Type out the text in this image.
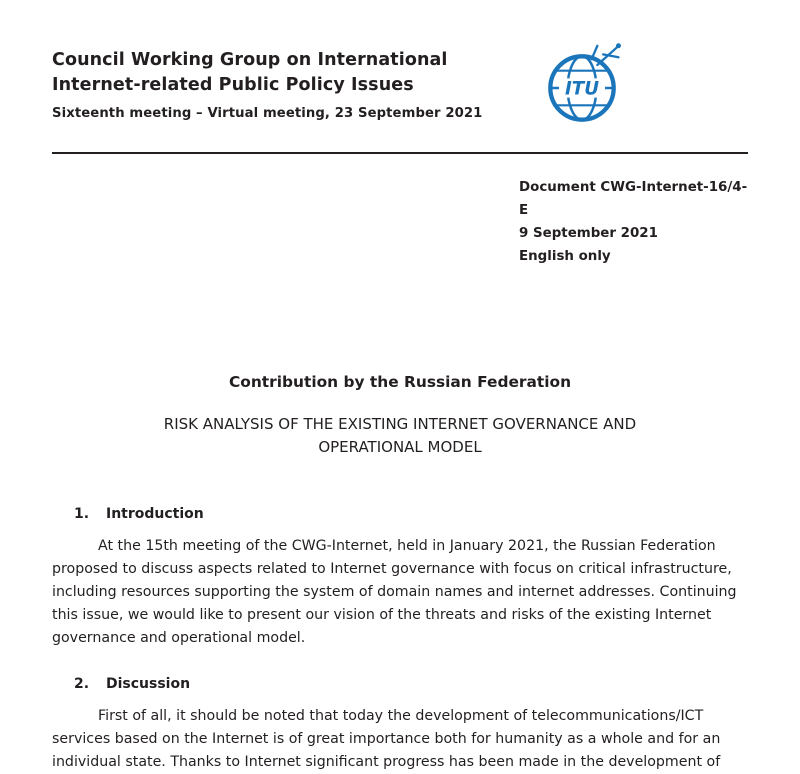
Council Working Group on International
Internet-related Public Policy Issues
Sixteenth meeting – Virtual meeting, 23 September 2021
ITU
Document CWG-Internet-16/4-E
9 September 2021
English only
Contribution by the Russian Federation
RISK ANALYSIS OF THE EXISTING INTERNET GOVERNANCE AND OPERATIONAL MODEL
1.	Introduction
At the 15th meeting of the CWG-Internet, held in January 2021, the Russian Federation proposed to discuss aspects related to Internet governance with focus on critical infrastructure, including resources supporting the system of domain names and internet addresses. Continuing this issue, we would like to present our vision of the threats and risks of the existing Internet governance and operational model.
2.	Discussion
First of all, it should be noted that today the development of telecommunications/ICT services based on the Internet is of great importance both for humanity as a whole and for an individual state. Thanks to Internet significant progress has been made in the development of
